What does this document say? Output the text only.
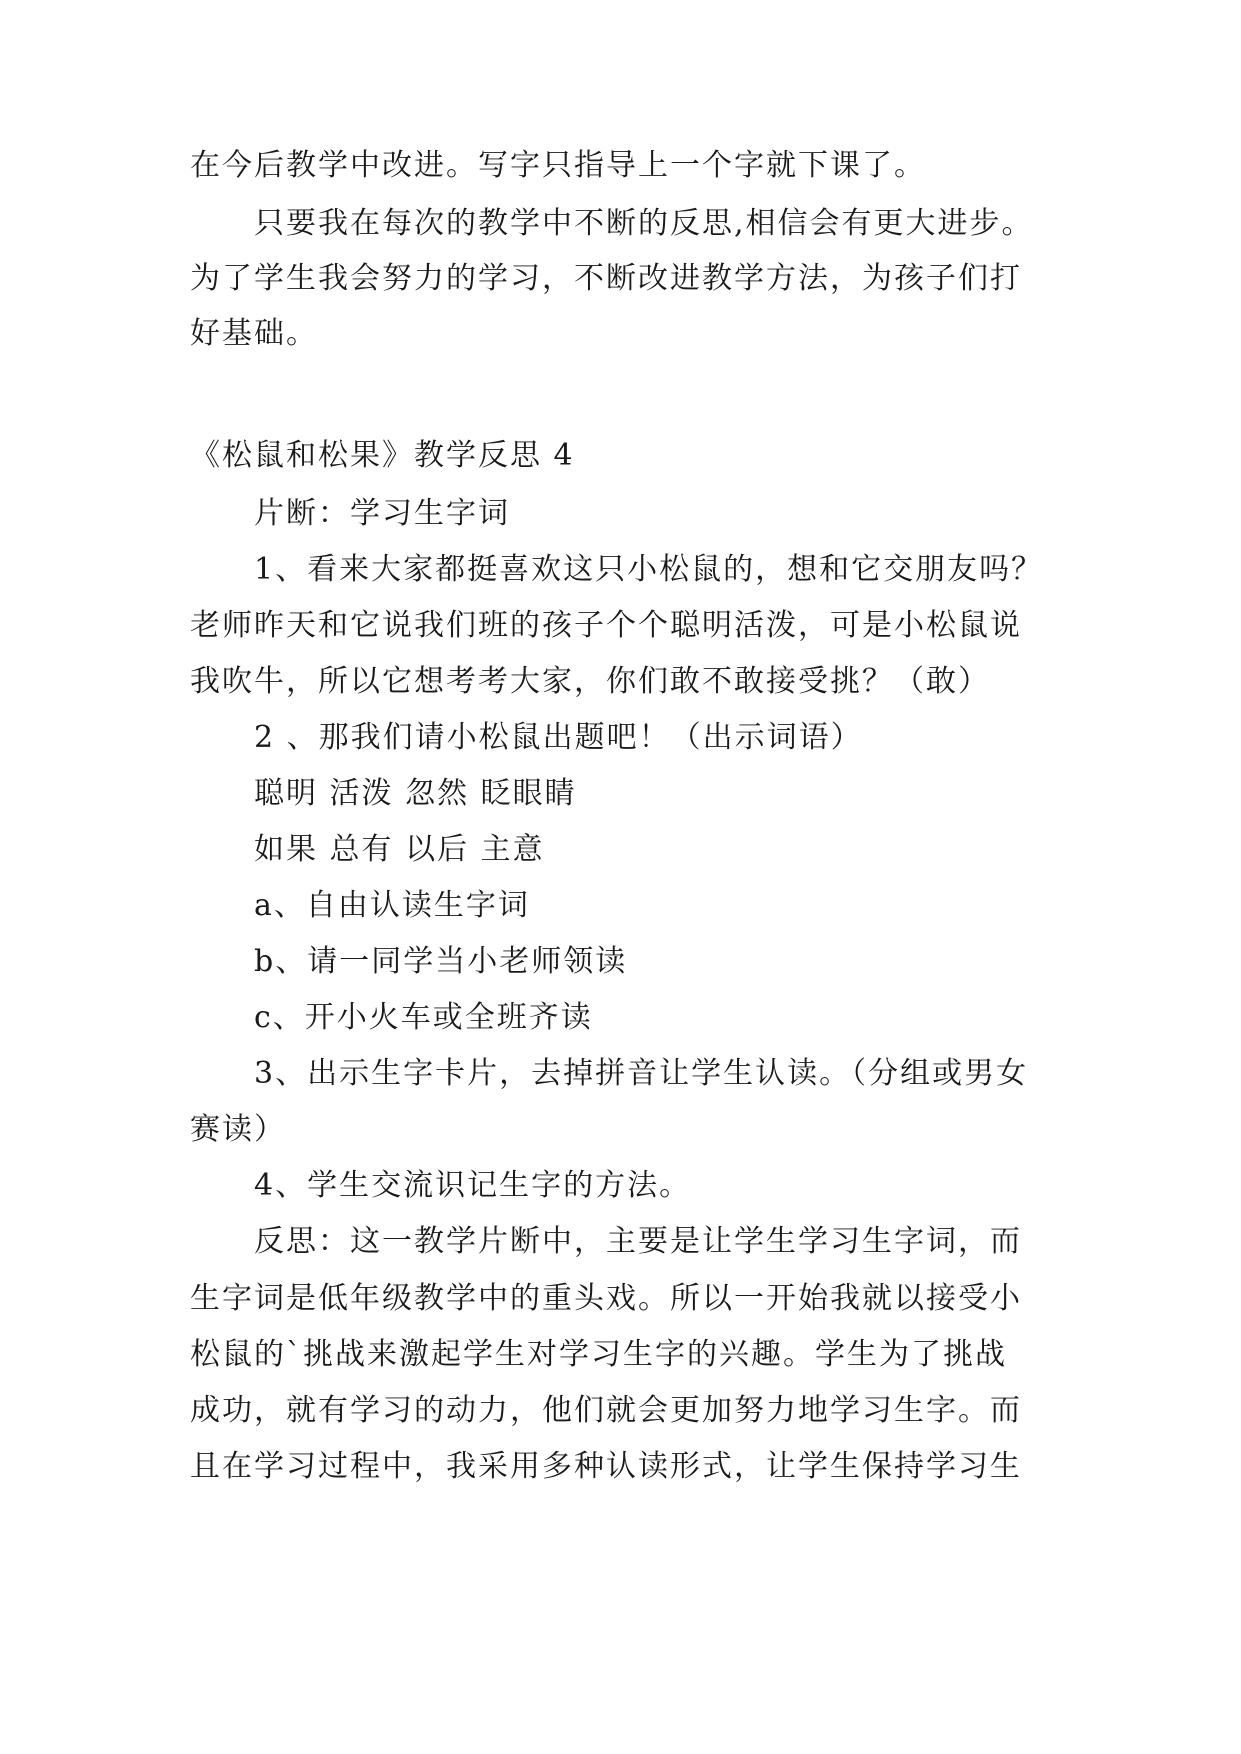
在今后教学中改进。写字只指导上一个字就下课了。
只要我在每次的教学中不断的反思,相信会有更大进步。
为了学生我会努力的学习，不断改进教学方法，为孩子们打
好基础。
《松鼠和松果》教学反思 4
片断：学习生字词
1、看来大家都挺喜欢这只小松鼠的，想和它交朋友吗？
老师昨天和它说我们班的孩子个个聪明活泼，可是小松鼠说
我吹牛，所以它想考考大家，你们敢不敢接受挑？（敢）
2 、那我们请小松鼠出题吧！（出示词语）
聪明 活泼 忽然 眨眼睛
如果 总有 以后 主意
a、自由认读生字词
b、请一同学当小老师领读
c、开小火车或全班齐读
3、出示生字卡片，去掉拼音让学生认读。（分组或男女
赛读）
4、学生交流识记生字的方法。
反思：这一教学片断中，主要是让学生学习生字词，而
生字词是低年级教学中的重头戏。所以一开始我就以接受小
松鼠的`挑战来激起学生对学习生字的兴趣。学生为了挑战
成功，就有学习的动力，他们就会更加努力地学习生字。而
且在学习过程中，我采用多种认读形式，让学生保持学习生
